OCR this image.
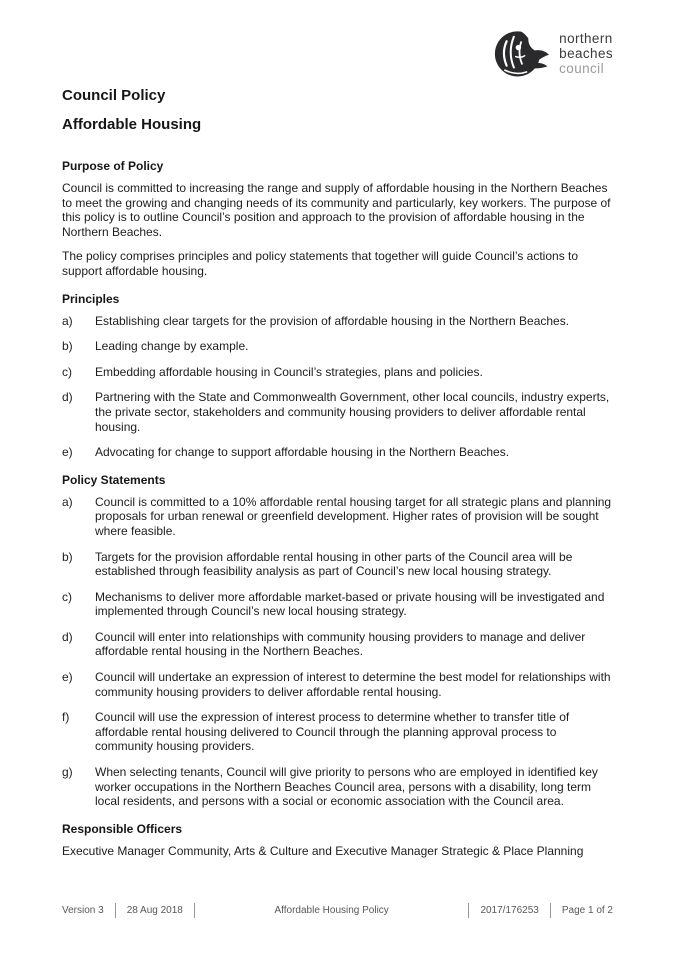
northern
beaches
council
Council Policy
Affordable Housing
Purpose of Policy

Council is committed to increasing the range and supply of affordable housing in the Northern Beaches to meet the growing and changing needs of its community and particularly, key workers. The purpose of this policy is to outline Council’s position and approach to the provision of affordable housing in the Northern Beaches.

The policy comprises principles and policy statements that together will guide Council’s actions to support affordable housing.

Principles
a)	Establishing clear targets for the provision of affordable housing in the Northern Beaches.
b)	Leading change by example.
c)	Embedding affordable housing in Council’s strategies, plans and policies.
d)	Partnering with the State and Commonwealth Government, other local councils, industry experts, the private sector, stakeholders and community housing providers to deliver affordable rental housing.
e)	Advocating for change to support affordable housing in the Northern Beaches.
Policy Statements
a)	Council is committed to a 10% affordable rental housing target for all strategic plans and planning proposals for urban renewal or greenfield development. Higher rates of provision will be sought where feasible.
b)	Targets for the provision affordable rental housing in other parts of the Council area will be established through feasibility analysis as part of Council’s new local housing strategy.
c)	Mechanisms to deliver more affordable market-based or private housing will be investigated and implemented through Council’s new local housing strategy.
d)	Council will enter into relationships with community housing providers to manage and deliver affordable rental housing in the Northern Beaches.
e)	Council will undertake an expression of interest to determine the best model for relationships with community housing providers to deliver affordable rental housing.
f)	Council will use the expression of interest process to determine whether to transfer title of affordable rental housing delivered to Council through the planning approval process to community housing providers.
g)	When selecting tenants, Council will give priority to persons who are employed in identified key worker occupations in the Northern Beaches Council area, persons with a disability, long term local residents, and persons with a social or economic association with the Council area.
Responsible Officers

Executive Manager Community, Arts & Culture and Executive Manager Strategic & Place Planning

Version 3 28 Aug 2018	Affordable Housing Policy	2017/176253 Page 1 of 2
